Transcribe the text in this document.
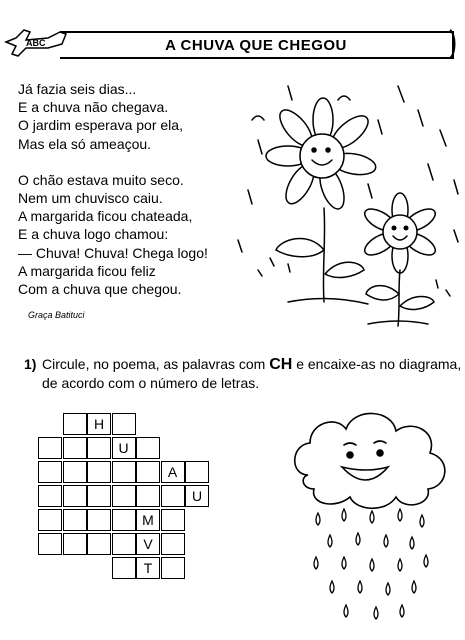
ABC	A CHUVA QUE CHEGOU
Já fazia seis dias...
E a chuva não chegava.
O jardim esperava por ela,
Mas ela só ameaçou.
O chão estava muito seco.
Nem um chuvisco caiu.
A margarida ficou chateada,
E a chuva logo chamou:
— Chuva! Chuva! Chega logo!
A margarida ficou feliz
Com a chuva que chegou.
Graça Batituci
1) Circule, no poema, as palavras com CH e encaixe-as no diagrama, de acordo com o número de letras.
H
U
A
U
M
V
T
